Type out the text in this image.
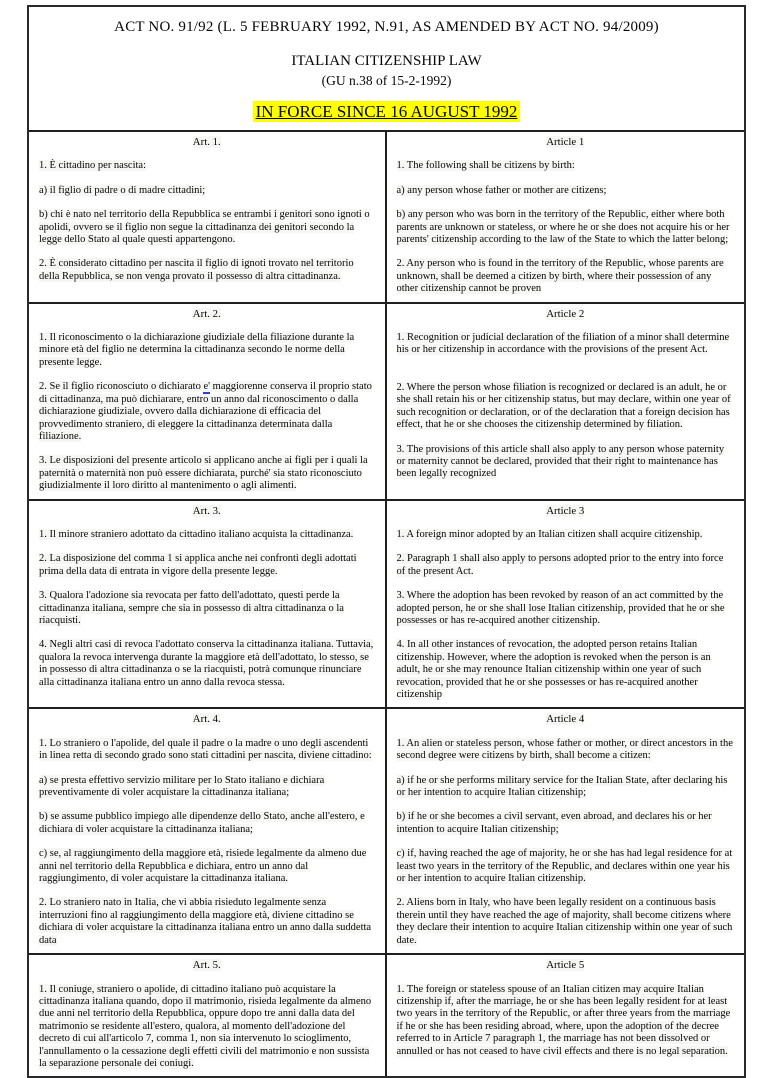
ACT NO. 91/92 (L. 5 FEBRUARY 1992, N.91, AS AMENDED BY ACT NO. 94/2009)
ITALIAN CITIZENSHIP LAW
(GU n.38 of 15-2-1992)
IN FORCE SINCE 16 AUGUST 1992

Art. 1.

1. È cittadino per nascita:

a) il figlio di padre o di madre cittadini;

b) chi è nato nel territorio della Repubblica se entrambi i genitori sono ignoti o apolidi, ovvero se il figlio non segue la cittadinanza dei genitori secondo la legge dello Stato al quale questi appartengono.

2. È considerato cittadino per nascita il figlio di ignoti trovato nel territorio della Repubblica, se non venga provato il possesso di altra cittadinanza.

Article 1

1. The following shall be citizens by birth:

a) any person whose father or mother are citizens;

b) any person who was born in the territory of the Republic, either where both parents are unknown or stateless, or where he or she does not acquire his or her parents' citizenship according to the law of the State to which the latter belong;

2. Any person who is found in the territory of the Republic, whose parents are unknown, shall be deemed a citizen by birth, where their possession of any other citizenship cannot be proven

Art. 2.

1. Il riconoscimento o la dichiarazione giudiziale della filiazione durante la minore età del figlio ne determina la cittadinanza secondo le norme della presente legge.

2. Se il figlio riconosciuto o dichiarato e' maggiorenne conserva il proprio stato di cittadinanza, ma può dichiarare, entro un anno dal riconoscimento o dalla dichiarazione giudiziale, ovvero dalla dichiarazione di efficacia del provvedimento straniero, di eleggere la cittadinanza determinata dalla filiazione.

3. Le disposizioni del presente articolo si applicano anche ai figli per i quali la paternità o maternità non può essere dichiarata, purché' sia stato riconosciuto giudizialmente il loro diritto al mantenimento o agli alimenti.

Article 2

1. Recognition or judicial declaration of the filiation of a minor shall determine his or her citizenship in accordance with the provisions of the present Act.

2. Where the person whose filiation is recognized or declared is an adult, he or she shall retain his or her citizenship status, but may declare, within one year of such recognition or declaration, or of the declaration that a foreign decision has effect, that he or she chooses the citizenship determined by filiation.

3. The provisions of this article shall also apply to any person whose paternity or maternity cannot be declared, provided that their right to maintenance has been legally recognized

Art. 3.

1. Il minore straniero adottato da cittadino italiano acquista la cittadinanza.

2. La disposizione del comma 1 si applica anche nei confronti degli adottati prima della data di entrata in vigore della presente legge.

3. Qualora l'adozione sia revocata per fatto dell'adottato, questi perde la cittadinanza italiana, sempre che sia in possesso di altra cittadinanza o la riacquisti.

4. Negli altri casi di revoca l'adottato conserva la cittadinanza italiana. Tuttavia, qualora la revoca intervenga durante la maggiore età dell'adottato, lo stesso, se in possesso di altra cittadinanza o se la riacquisti, potrà comunque rinunciare alla cittadinanza italiana entro un anno dalla revoca stessa.

Article 3

1. A foreign minor adopted by an Italian citizen shall acquire citizenship.

2. Paragraph 1 shall also apply to persons adopted prior to the entry into force of the present Act.

3. Where the adoption has been revoked by reason of an act committed by the adopted person, he or she shall lose Italian citizenship, provided that he or she possesses or has re-acquired another citizenship.

4. In all other instances of revocation, the adopted person retains Italian citizenship. However, where the adoption is revoked when the person is an adult, he or she may renounce Italian citizenship within one year of such revocation, provided that he or she possesses or has re-acquired another citizenship

Art. 4.

1. Lo straniero o l'apolide, del quale il padre o la madre o uno degli ascendenti in linea retta di secondo grado sono stati cittadini per nascita, diviene cittadino:

a) se presta effettivo servizio militare per lo Stato italiano e dichiara preventivamente di voler acquistare la cittadinanza italiana;

b) se assume pubblico impiego alle dipendenze dello Stato, anche all'estero, e dichiara di voler acquistare la cittadinanza italiana;

c) se, al raggiungimento della maggiore età, risiede legalmente da almeno due anni nel territorio della Repubblica e dichiara, entro un anno dal raggiungimento, di voler acquistare la cittadinanza italiana.

2. Lo straniero nato in Italia, che vi abbia risieduto legalmente senza interruzioni fino al raggiungimento della maggiore età, diviene cittadino se dichiara di voler acquistare la cittadinanza italiana entro un anno dalla suddetta data

Article 4

1. An alien or stateless person, whose father or mother, or direct ancestors in the second degree were citizens by birth, shall become a citizen:

a) if he or she performs military service for the Italian State, after declaring his or her intention to acquire Italian citizenship;

b) if he or she becomes a civil servant, even abroad, and declares his or her intention to acquire Italian citizenship;

c) if, having reached the age of majority, he or she has had legal residence for at least two years in the territory of the Republic, and declares within one year his or her intention to acquire Italian citizenship.

2. Aliens born in Italy, who have been legally resident on a continuous basis therein until they have reached the age of majority, shall become citizens where they declare their intention to acquire Italian citizenship within one year of such date.

Art. 5.

1. Il coniuge, straniero o apolide, di cittadino italiano può acquistare la cittadinanza italiana quando, dopo il matrimonio, risieda legalmente da almeno due anni nel territorio della Repubblica, oppure dopo tre anni dalla data del matrimonio se residente all'estero, qualora, al momento dell'adozione del decreto di cui all'articolo 7, comma 1, non sia intervenuto lo scioglimento, l'annullamento o la cessazione degli effetti civili del matrimonio e non sussista la separazione personale dei coniugi.

Article 5

1. The foreign or stateless spouse of an Italian citizen may acquire Italian citizenship if, after the marriage, he or she has been legally resident for at least two years in the territory of the Republic, or after three years from the marriage if he or she has been residing abroad, where, upon the adoption of the decree referred to in Article 7 paragraph 1, the marriage has not been dissolved or annulled or has not ceased to have civil effects and there is no legal separation.
